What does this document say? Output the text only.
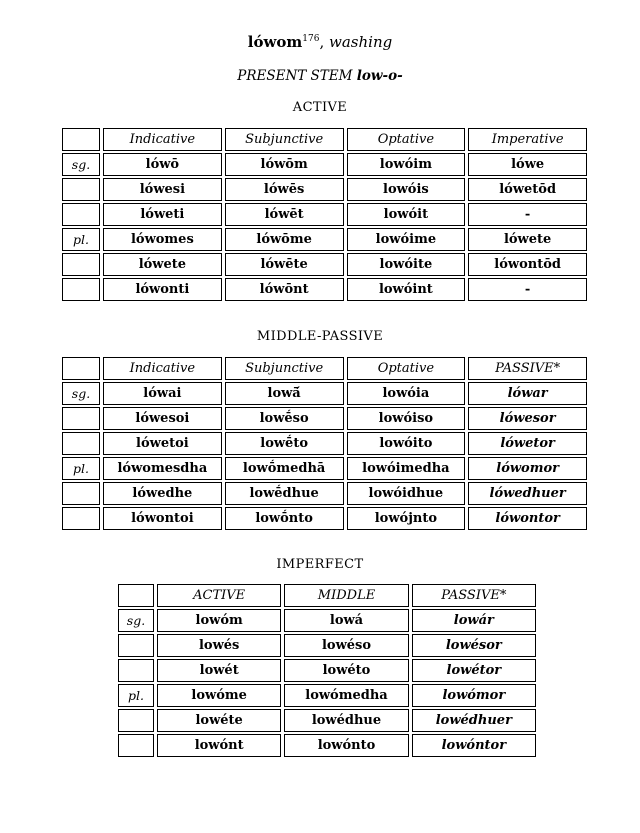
lówom$^{176}$, washing
PRESENT STEM low-o-
ACTIVE
	Indicative	Subjunctive	Optative	Imperative
sg.	lówō	lówōm	lowóim	lówe
	lówesi	lówēs	lowóis	lówetōd
	lóweti	lówēt	lowóit	-
pl.	lówomes	lówōme	lowóime	lówete
	lówete	lówēte	lowóite	lówontōd
	lówonti	lówōnt	lowóint	-
MIDDLE-PASSIVE
	Indicative	Subjunctive	Optative	PASSIVE*
sg.	lówai	lowā́	lowóia	lówar
	lówesoi	lowḗso	lowóiso	lówesor
	lówetoi	lowḗto	lowóito	lówetor
pl.	lówomesdha	lowṓmedhā	lowóimedha	lówomor
	lówedhe	lowḗdhue	lowóidhue	lówedhuer
	lówontoi	lowṓnto	lowójnto	lówontor
IMPERFECT
	ACTIVE	MIDDLE	PASSIVE*
sg.	lowóm	lowá	lowár
	lowés	lowéso	lowésor
	lowét	lowéto	lowétor
pl.	lowóme	lowómedha	lowómor
	lowéte	lowédhue	lowédhuer
	lowónt	lowónto	lowóntor
